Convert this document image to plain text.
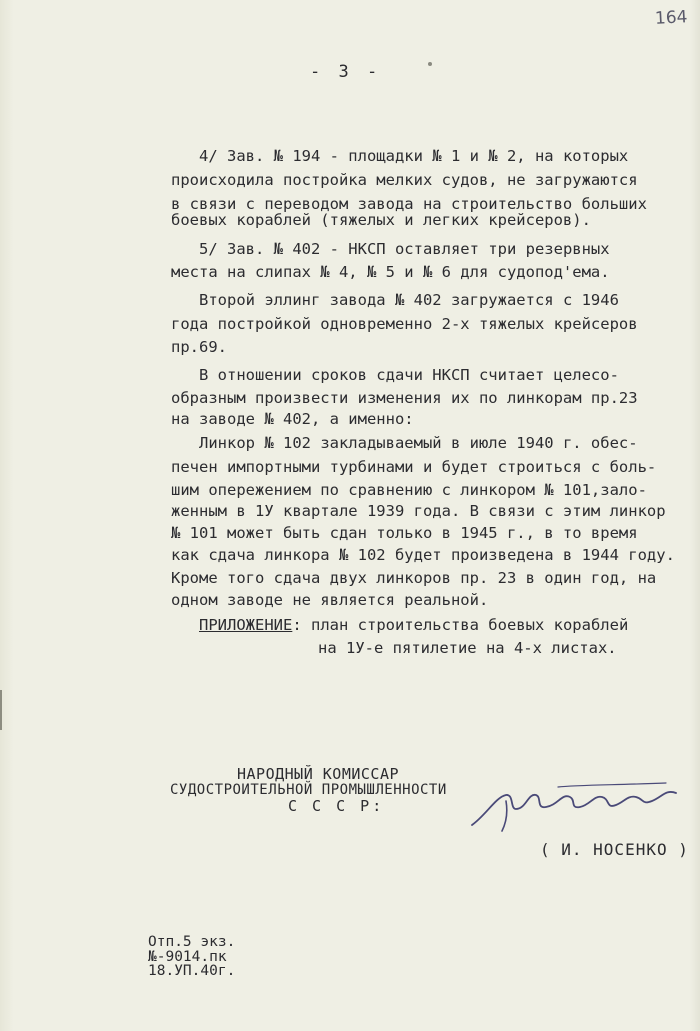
164
- 3 -
4/ Зав. № 194 - площадки № 1 и № 2, на которых
происходила постройка мелких судов, не загружаются
в связи с переводом завода на строительство больших
боевых кораблей (тяжелых и легких крейсеров).
5/ Зав. № 402 - НКСП оставляет три резервных
места на слипах № 4, № 5 и № 6 для судопод'ема.
Второй эллинг завода № 402 загружается с 1946
года постройкой одновременно 2-х тяжелых крейсеров
пр.69.
В отношении сроков сдачи НКСП считает целесо-
образным произвести изменения их по линкорам пр.23
на заводе № 402, а именно:
Линкор № 102 закладываемый в июле 1940 г. обес-
печен импортными турбинами и будет строиться с боль-
шим опережением по сравнению с линкором № 101,зало-
женным в 1У квартале 1939 года. В связи с этим линкор
№ 101 может быть сдан только в 1945 г., в то время
как сдача линкора № 102 будет произведена в 1944 году.
Кроме того сдача двух линкоров пр. 23 в один год, на
одном заводе не является реальной.
ПРИЛОЖЕНИЕ: план строительства боевых кораблей
на 1У-е пятилетие на 4-х листах.
НАРОДНЫЙ КОМИССАР
СУДОСТРОИТЕЛЬНОЙ ПРОМЫШЛЕННОСТИ
С С С Р:
( И. НОСЕНКО )
Отп.5 экз.
№-9014.пк
18.УП.40г.
